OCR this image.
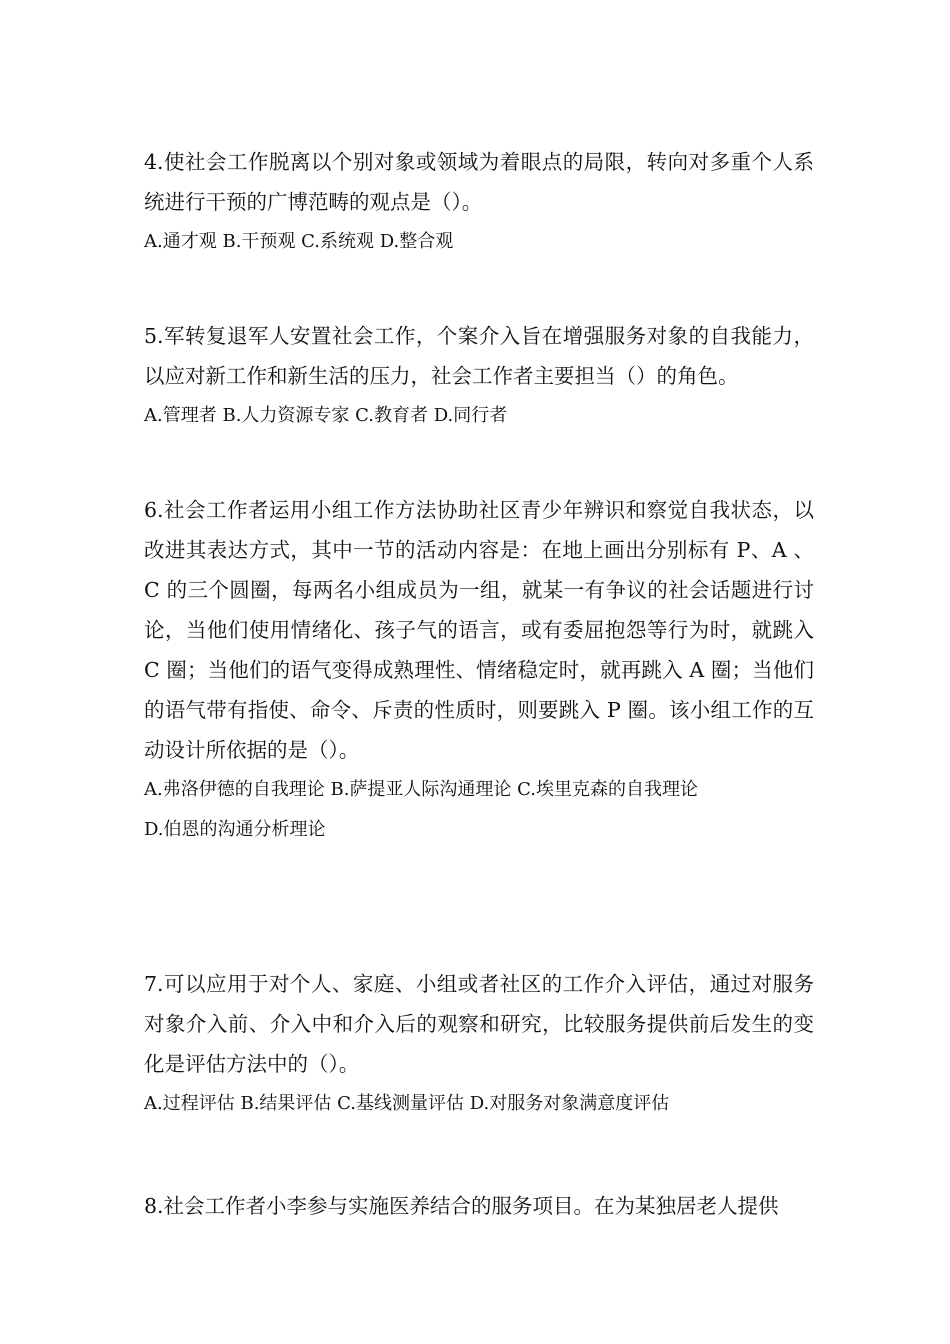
4.使社会工作脱离以个别对象或领域为着眼点的局限，转向对多重个人系统进行干预的广博范畴的观点是（）。

A.通才观 B.干预观 C.系统观 D.整合观

5.军转复退军人安置社会工作，个案介入旨在增强服务对象的自我能力，以应对新工作和新生活的压力，社会工作者主要担当（）的角色。

A.管理者 B.人力资源专家 C.教育者 D.同行者

6.社会工作者运用小组工作方法协助社区青少年辨识和察觉自我状态，以改进其表达方式，其中一节的活动内容是：在地上画出分别标有 P、A 、C 的三个圆圈，每两名小组成员为一组，就某一有争议的社会话题进行讨论，当他们使用情绪化、孩子气的语言，或有委屈抱怨等行为时，就跳入 C 圈；当他们的语气变得成熟理性、情绪稳定时，就再跳入 A 圈；当他们的语气带有指使、命令、斥责的性质时，则要跳入 P 圈。该小组工作的互动设计所依据的是（）。

A.弗洛伊德的自我理论 B.萨提亚人际沟通理论 C.埃里克森的自我理论

D.伯恩的沟通分析理论

7.可以应用于对个人、家庭、小组或者社区的工作介入评估，通过对服务对象介入前、介入中和介入后的观察和研究，比较服务提供前后发生的变化是评估方法中的（）。

A.过程评估 B.结果评估 C.基线测量评估 D.对服务对象满意度评估

8.社会工作者小李参与实施医养结合的服务项目。在为某独居老人提供
